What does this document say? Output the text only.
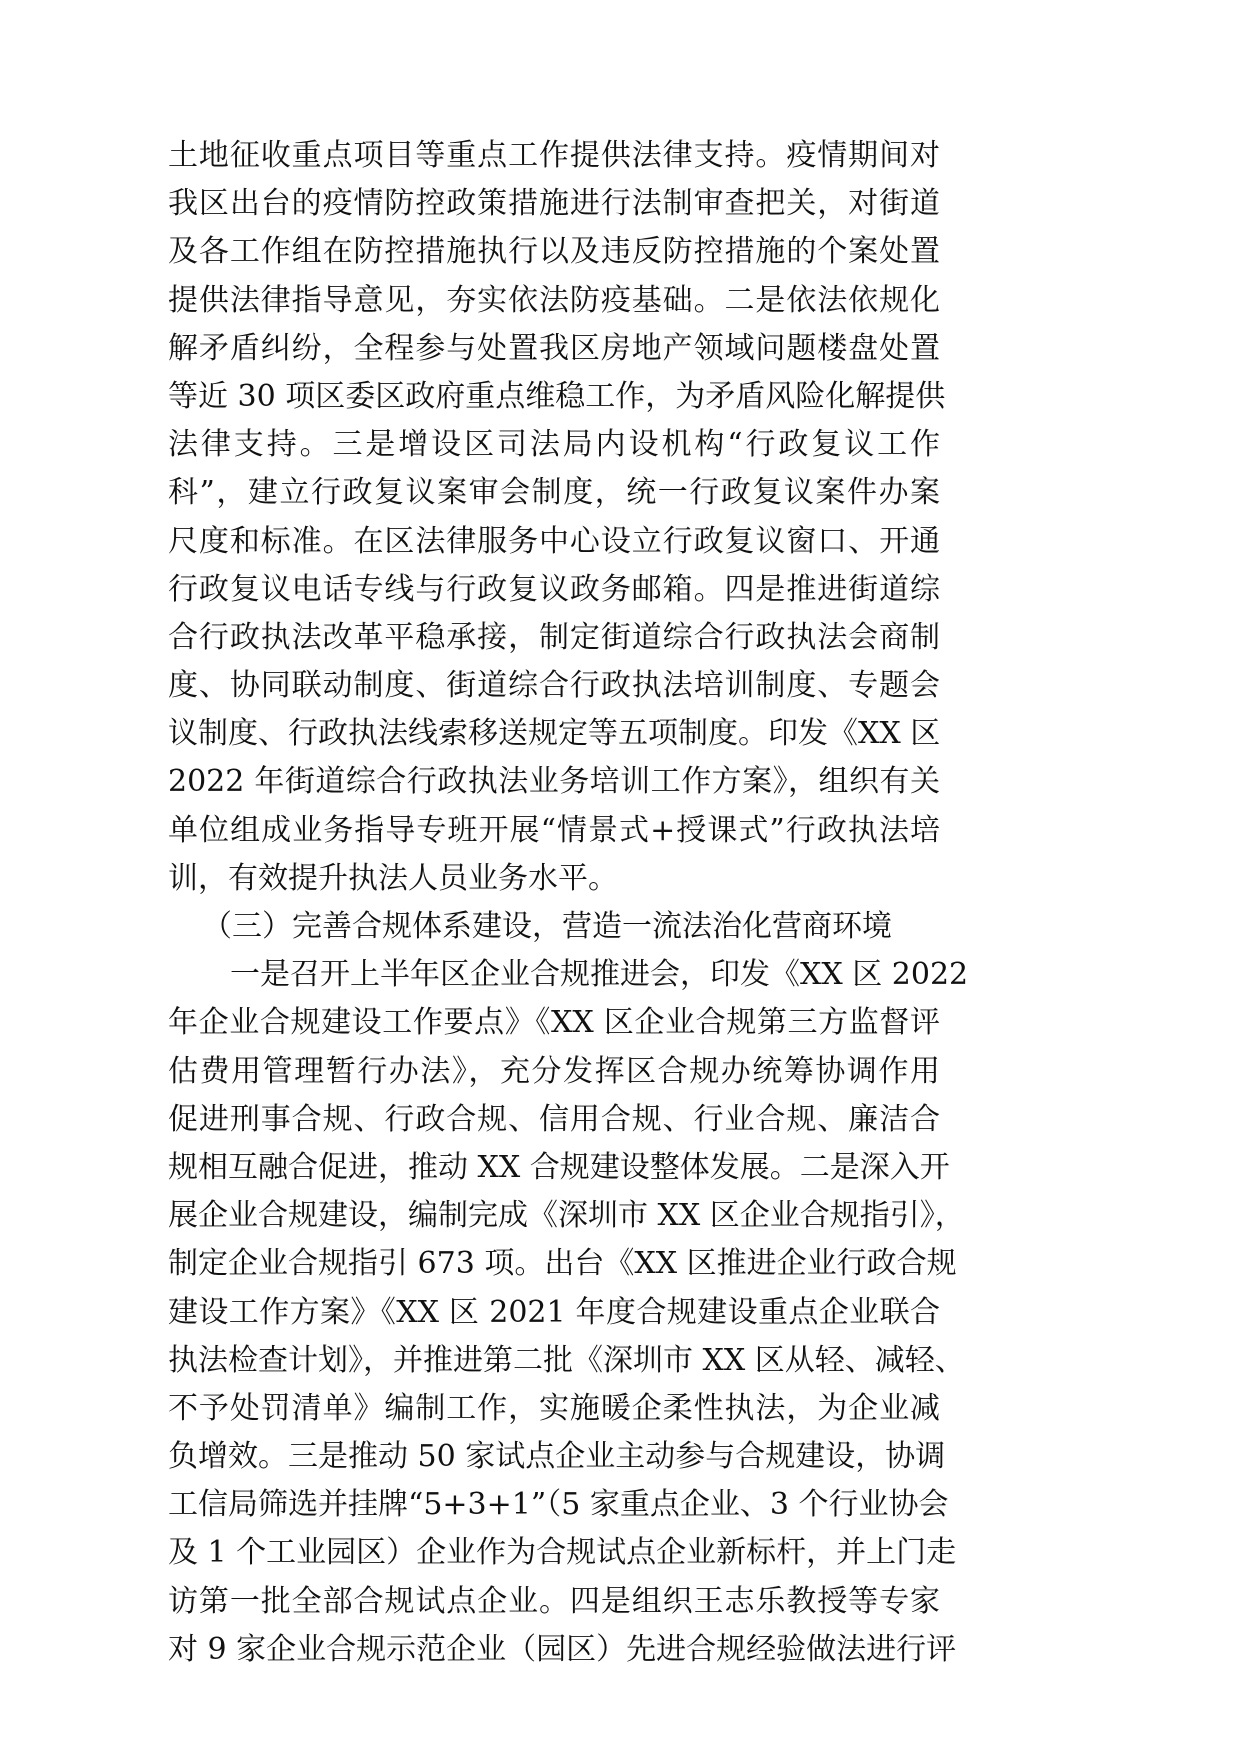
土地征收重点项目等重点工作提供法律支持。疫情期间对
我区出台的疫情防控政策措施进行法制审查把关，对街道
及各工作组在防控措施执行以及违反防控措施的个案处置
提供法律指导意见，夯实依法防疫基础。二是依法依规化
解矛盾纠纷，全程参与处置我区房地产领域问题楼盘处置
等近 30 项区委区政府重点维稳工作，为矛盾风险化解提供
法律支持。三是增设区司法局内设机构“行政复议工作
科”，建立行政复议案审会制度，统一行政复议案件办案
尺度和标准。在区法律服务中心设立行政复议窗口、开通
行政复议电话专线与行政复议政务邮箱。四是推进街道综
合行政执法改革平稳承接，制定街道综合行政执法会商制
度、协同联动制度、街道综合行政执法培训制度、专题会
议制度、行政执法线索移送规定等五项制度。印发《XX 区
2022 年街道综合行政执法业务培训工作方案》，组织有关
单位组成业务指导专班开展“情景式+授课式”行政执法培
训，有效提升执法人员业务水平。
（三）完善合规体系建设，营造一流法治化营商环境
一是召开上半年区企业合规推进会，印发《XX 区 2022
年企业合规建设工作要点》《XX 区企业合规第三方监督评
估费用管理暂行办法》，充分发挥区合规办统筹协调作用
促进刑事合规、行政合规、信用合规、行业合规、廉洁合
规相互融合促进，推动 XX 合规建设整体发展。二是深入开
展企业合规建设，编制完成《深圳市 XX 区企业合规指引》，
制定企业合规指引 673 项。出台《XX 区推进企业行政合规
建设工作方案》《XX 区 2021 年度合规建设重点企业联合
执法检查计划》，并推进第二批《深圳市 XX 区从轻、减轻、
不予处罚清单》编制工作，实施暖企柔性执法，为企业减
负增效。三是推动 50 家试点企业主动参与合规建设，协调
工信局筛选并挂牌“5+3+1”（5 家重点企业、3 个行业协会
及 1 个工业园区）企业作为合规试点企业新标杆，并上门走
访第一批全部合规试点企业。四是组织王志乐教授等专家
对 9 家企业合规示范企业（园区）先进合规经验做法进行评
